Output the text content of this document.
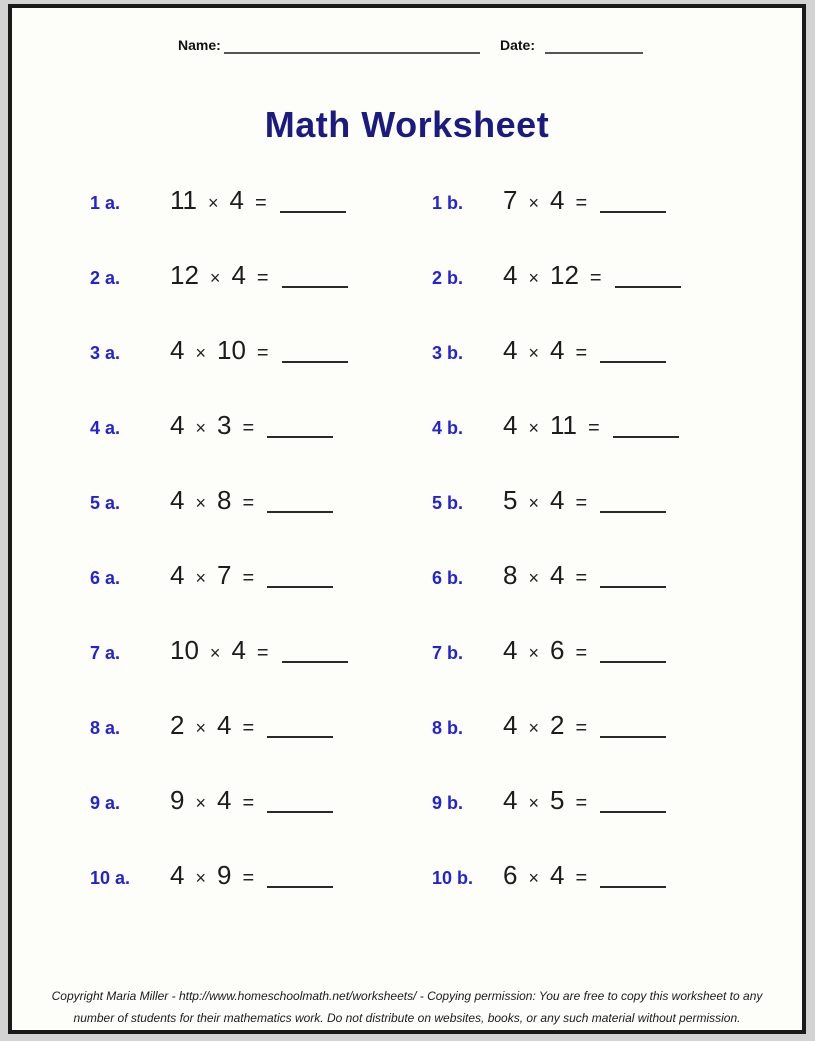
Name:	Date:
Math Worksheet
1 a. 11 × 4 =	1 b. 7 × 4 =
2 a. 12 × 4 =	2 b. 4 × 12 =
3 a. 4 × 10 =	3 b. 4 × 4 =
4 a. 4 × 3 =	4 b. 4 × 11 =
5 a. 4 × 8 =	5 b. 5 × 4 =
6 a. 4 × 7 =	6 b. 8 × 4 =
7 a. 10 × 4 =	7 b. 4 × 6 =
8 a. 2 × 4 =	8 b. 4 × 2 =
9 a. 9 × 4 =	9 b. 4 × 5 =
10 a. 4 × 9 =	10 b. 6 × 4 =
Copyright Maria Miller - http://www.homeschoolmath.net/worksheets/ - Copying permission: You are free to copy this worksheet to any
number of students for their mathematics work. Do not distribute on websites, books, or any such material without permission.
